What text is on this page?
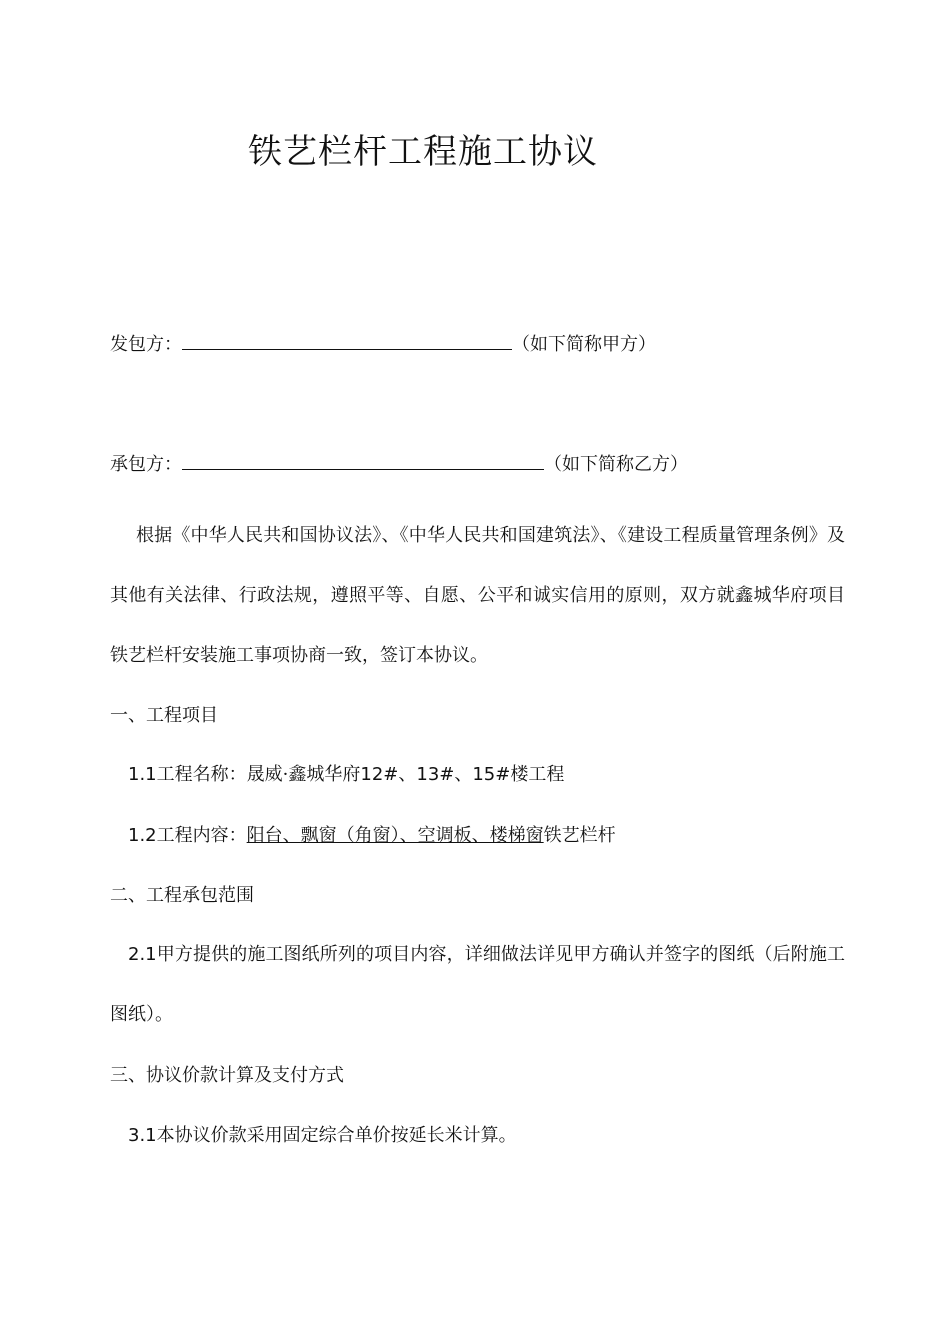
铁艺栏杆工程施工协议
发包方：	（如下简称甲方）
承包方：	（如下简称乙方）
根据《中华人民共和国协议法》、《中华人民共和国建筑法》、《建设工程质量管理条例》及其他有关法律、行政法规，遵照平等、自愿、公平和诚实信用的原则，双方就鑫城华府项目铁艺栏杆安装施工事项协商一致，签订本协议。
一、工程项目
1.1工程名称：晟威·鑫城华府12#、13#、15#楼工程
1.2工程内容：阳台、飘窗（角窗）、空调板、楼梯窗铁艺栏杆
二、工程承包范围
2.1甲方提供的施工图纸所列的项目内容，详细做法详见甲方确认并签字的图纸（后附施工图纸）。
三、协议价款计算及支付方式
3.1本协议价款采用固定综合单价按延长米计算。
